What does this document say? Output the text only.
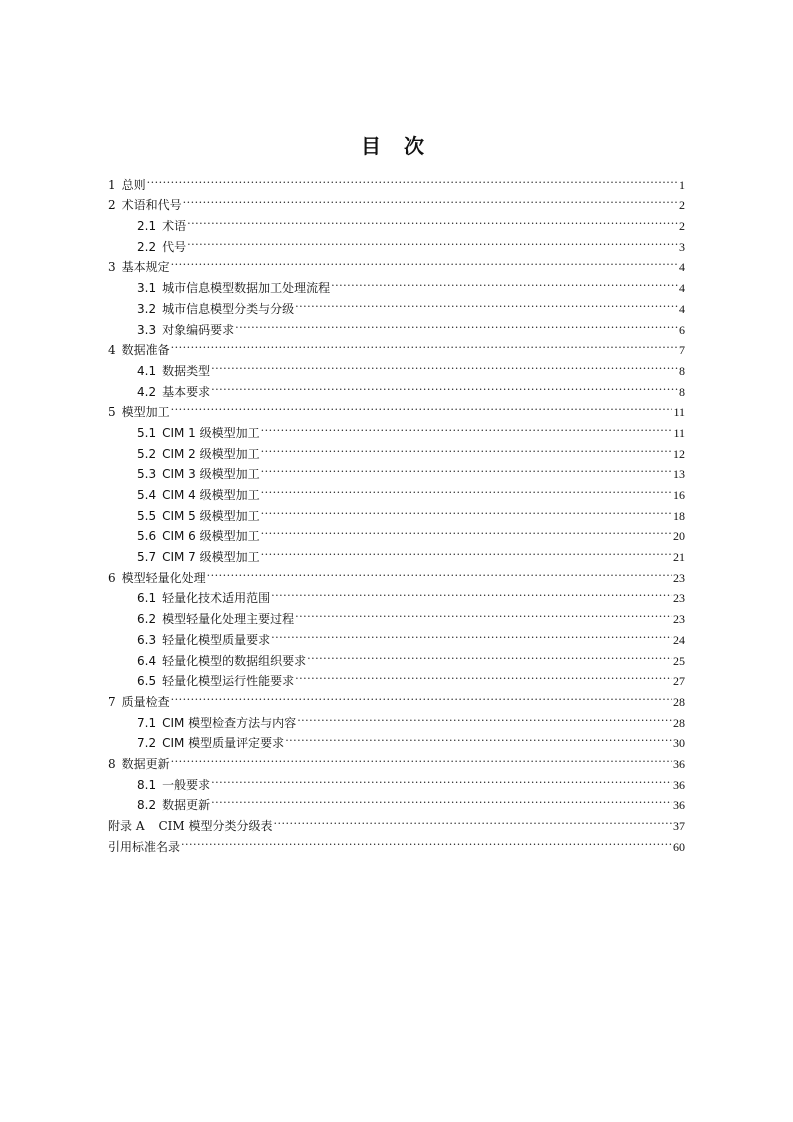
目 次
1 总则 .....	1
2 术语和代号 .....	2
2.1 术语 .....	2
2.2 代号 .....	3
3 基本规定 .....	4
3.1 城市信息模型数据加工处理流程 .....	4
3.2 城市信息模型分类与分级 .....	4
3.3 对象编码要求 .....	6
4 数据准备 .....	7
4.1 数据类型 .....	8
4.2 基本要求 .....	8
5 模型加工 .....	11
5.1 CIM 1 级模型加工 .....	11
5.2 CIM 2 级模型加工 .....	12
5.3 CIM 3 级模型加工 .....	13
5.4 CIM 4 级模型加工 .....	16
5.5 CIM 5 级模型加工 .....	18
5.6 CIM 6 级模型加工 .....	20
5.7 CIM 7 级模型加工 .....	21
6 模型轻量化处理 .....	23
6.1 轻量化技术适用范围 .....	23
6.2 模型轻量化处理主要过程 .....	23
6.3 轻量化模型质量要求 .....	24
6.4 轻量化模型的数据组织要求 .....	25
6.5 轻量化模型运行性能要求 .....	27
7 质量检查 .....	28
7.1 CIM 模型检查方法与内容 .....	28
7.2 CIM 模型质量评定要求 .....	30
8 数据更新 .....	36
8.1 一般要求 .....	36
8.2 数据更新 .....	36
附录 A CIM 模型分类分级表 .....	37
引用标准名录 .....	60
